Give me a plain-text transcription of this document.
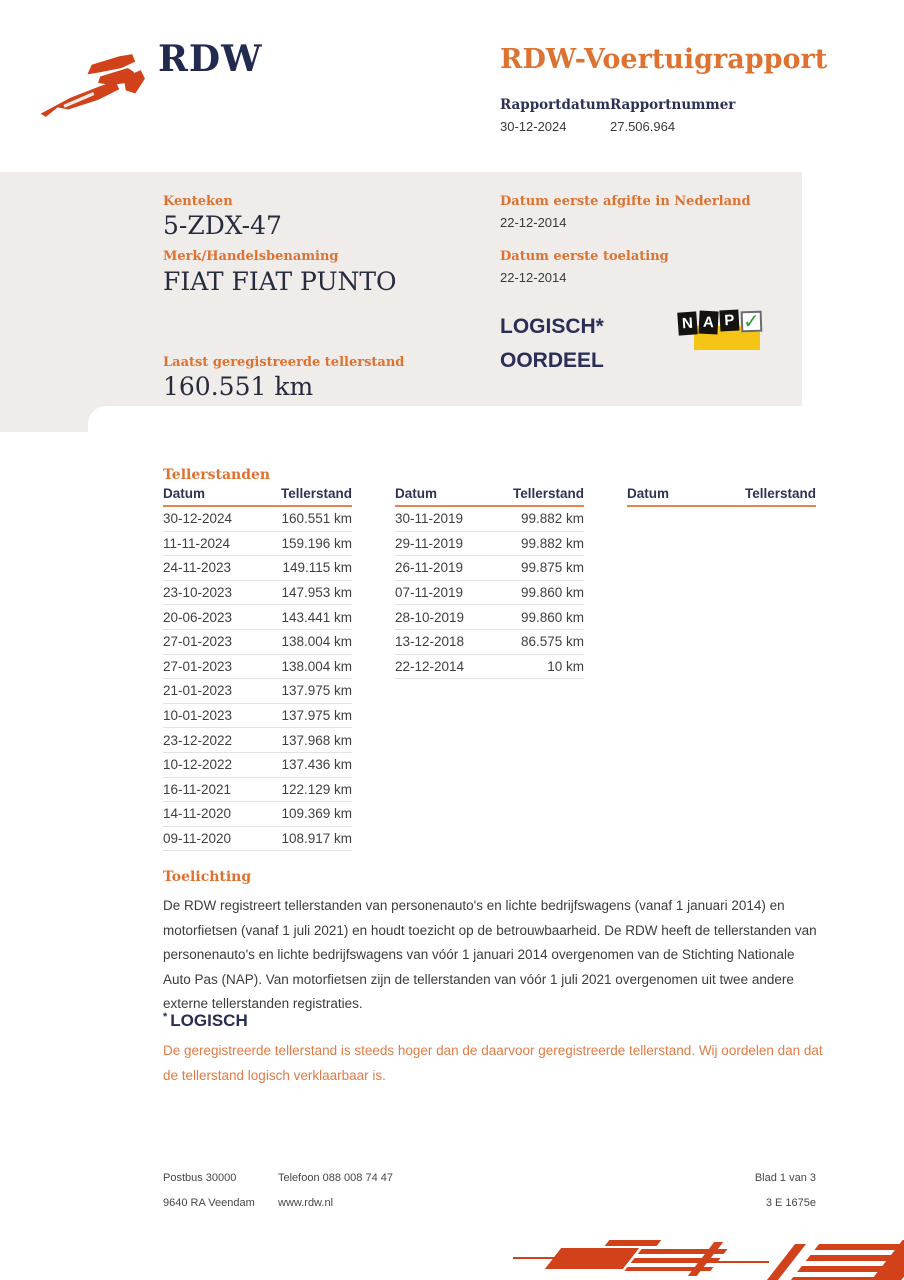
RDW	RDW-Voertuigrapport
Rapportdatum Rapportnummer
30-12-2024	27.506.964
Kenteken
5-ZDX-47
Merk/Handelsbenaming
FIAT FIAT PUNTO
Laatst geregistreerde tellerstand
160.551 km
Datum eerste afgifte in Nederland
22-12-2014
Datum eerste toelating
22-12-2014
LOGISCH*
OORDEEL
N A P ✓
Tellerstanden
Datum	Tellerstand
30-12-2024	160.551 km
11-11-2024	159.196 km
24-11-2023	149.115 km
23-10-2023	147.953 km
20-06-2023	143.441 km
27-01-2023	138.004 km
27-01-2023	138.004 km
21-01-2023	137.975 km
10-01-2023	137.975 km
23-12-2022	137.968 km
10-12-2022	137.436 km
16-11-2021	122.129 km
14-11-2020	109.369 km
09-11-2020	108.917 km
Datum	Tellerstand
30-11-2019	99.882 km
29-11-2019	99.882 km
26-11-2019	99.875 km
07-11-2019	99.860 km
28-10-2019	99.860 km
13-12-2018	86.575 km
22-12-2014	10 km
Datum	Tellerstand
Toelichting
De RDW registreert tellerstanden van personenauto's en lichte bedrijfswagens (vanaf 1 januari 2014) en motorfietsen (vanaf 1 juli 2021) en houdt toezicht op de betrouwbaarheid. De RDW heeft de tellerstanden van personenauto's en lichte bedrijfswagens van vóór 1 januari 2014 overgenomen van de Stichting Nationale Auto Pas (NAP). Van motorfietsen zijn de tellerstanden van vóór 1 juli 2021 overgenomen uit twee andere externe tellerstanden registraties.
* LOGISCH
De geregistreerde tellerstand is steeds hoger dan de daarvoor geregistreerde tellerstand. Wij oordelen dan dat de tellerstand logisch verklaarbaar is.
Postbus 30000
9640 RA Veendam
Telefoon 088 008 74 47
www.rdw.nl
Blad 1 van 3
3 E 1675e
